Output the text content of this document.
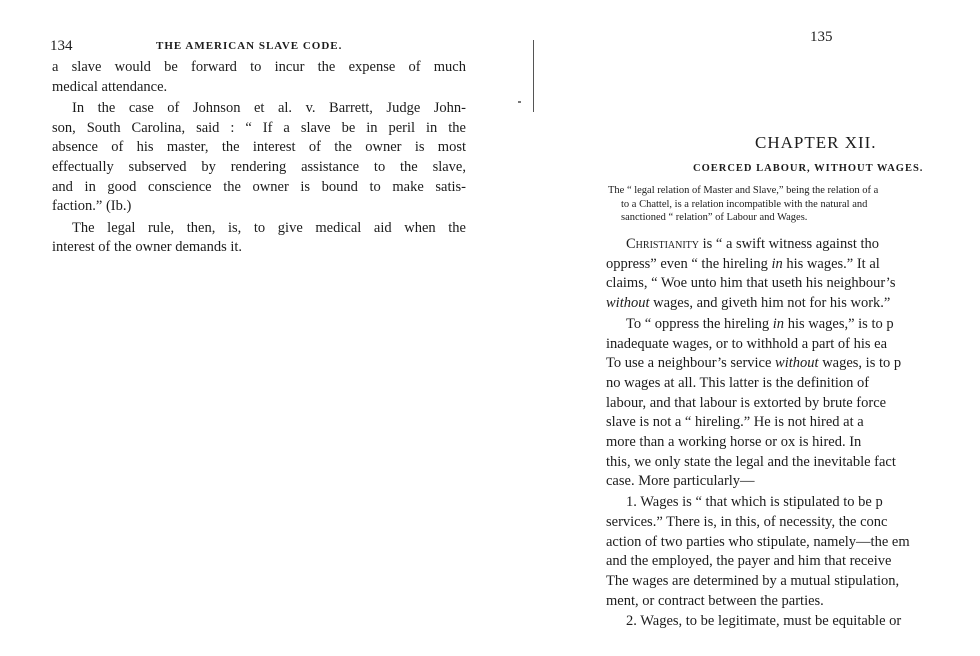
134	THE AMERICAN SLAVE CODE.
a slave would be forward to incur the expense of much
medical attendance.
In the case of Johnson et al. v. Barrett, Judge John-
son, South Carolina, said : “ If a slave be in peril in the
absence of his master, the interest of the owner is most
effectually subserved by rendering assistance to the slave,
and in good conscience the owner is bound to make satis-
faction.” (Ib.)
The legal rule, then, is, to give medical aid when the
interest of the owner demands it.
135
CHAPTER XII.
COERCED LABOUR, WITHOUT WAGES.
The “ legal relation of Master and Slave,” being the relation of a
to a Chattel, is a relation incompatible with the natural and
sanctioned “ relation” of Labour and Wages.
Christianity is “ a swift witness against tho
oppress” even “ the hireling in his wages.” It al
claims, “ Woe unto him that useth his neighbour’s
without wages, and giveth him not for his work.”
To “ oppress the hireling in his wages,” is to p
inadequate wages, or to withhold a part of his ea
To use a neighbour’s service without wages, is to p
no wages at all. This latter is the definition of
labour, and that labour is extorted by brute force
slave is not a “ hireling.” He is not hired at a
more than a working horse or ox is hired. In
this, we only state the legal and the inevitable fact
case. More particularly—
1. Wages is “ that which is stipulated to be p
services.” There is, in this, of necessity, the conc
action of two parties who stipulate, namely—the em
and the employed, the payer and him that receive
The wages are determined by a mutual stipulation,
ment, or contract between the parties.
2. Wages, to be legitimate, must be equitable or
